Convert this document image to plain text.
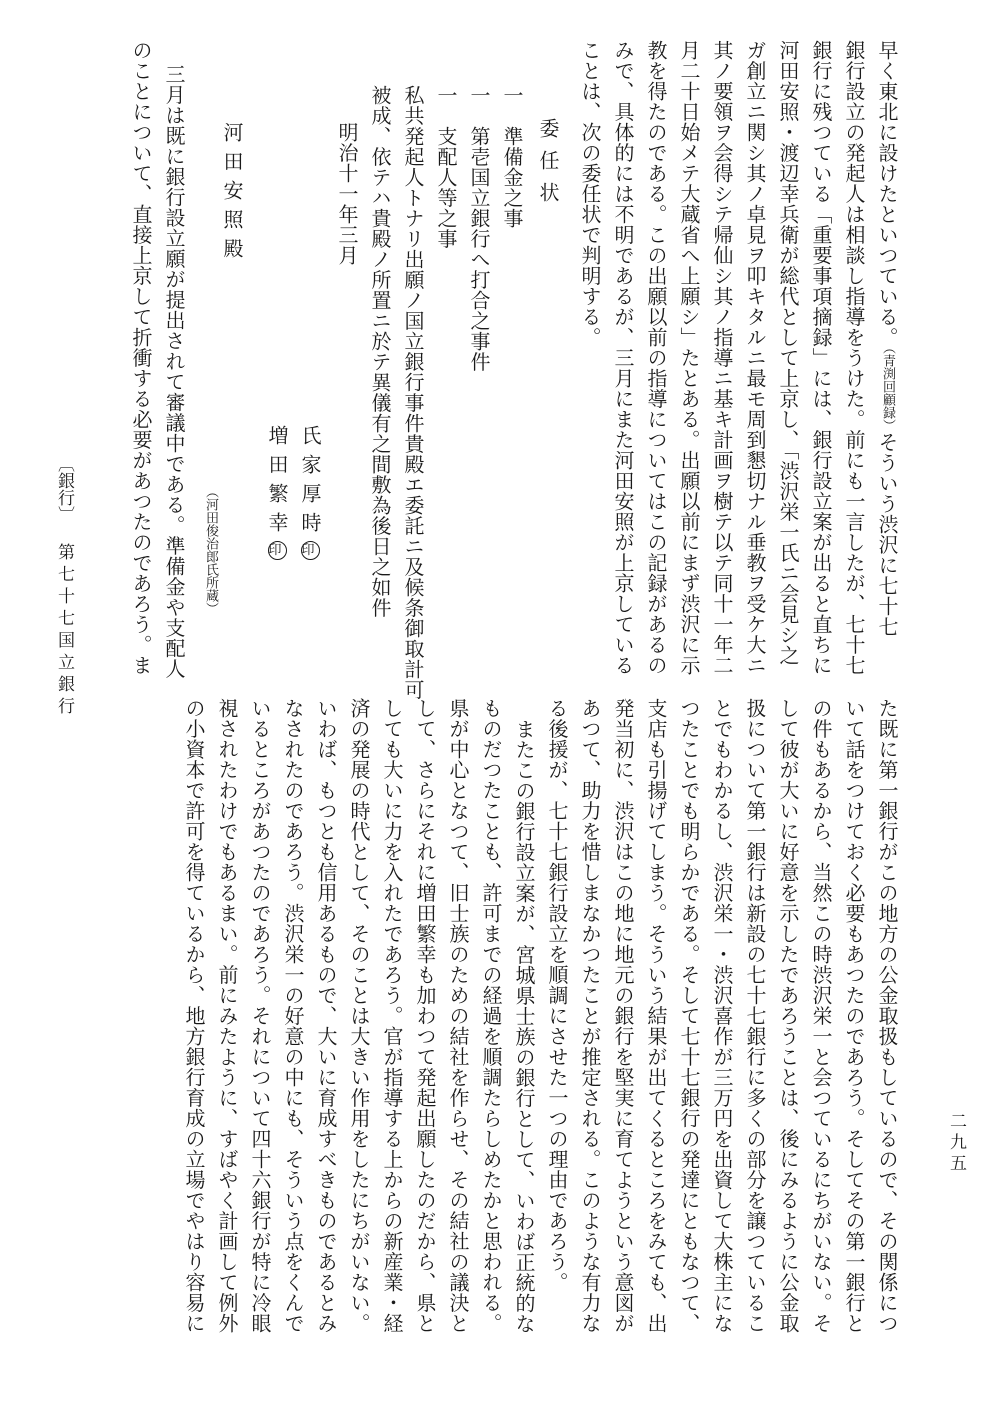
早く東北に設けたといつている。（青渕回顧録）そういう渋沢に七十七
銀行設立の発起人は相談し指導をうけた。前にも一言したが、七十七
銀行に残つている「重要事項摘録」には、銀行設立案が出ると直ちに
河田安照・渡辺幸兵衛が総代として上京し、「渋沢栄一氏ニ会見シ之
ガ創立ニ関シ其ノ卓見ヲ叩キタルニ最モ周到懇切ナル垂教ヲ受ケ大ニ
其ノ要領ヲ会得シテ帰仙シ其ノ指導ニ基キ計画ヲ樹テ以テ同十一年二
月二十日始メテ大蔵省へ上願シ」たとある。出願以前にまず渋沢に示
教を得たのである。この出願以前の指導についてはこの記録があるの
みで、具体的には不明であるが、三月にまた河田安照が上京している
ことは、次の委任状で判明する。
委任状
一　準備金之事
一　第壱国立銀行へ打合之事件
一　支配人等之事
私共発起人トナリ出願ノ国立銀行事件貴殿エ委託ニ及候条御取計可
被成、依テハ貴殿ノ所置ニ於テ異儀有之間敷為後日之如件
明治十一年三月
氏家厚時印
増田繁幸印
（河田俊治郎氏所蔵）
河田安照殿
三月は既に銀行設立願が提出されて審議中である。準備金や支配人
のことについて、直接上京して折衝する必要があつたのであろう。ま
た既に第一銀行がこの地方の公金取扱もしているので、その関係につ
いて話をつけておく必要もあつたのであろう。そしてその第一銀行と
の件もあるから、当然この時渋沢栄一と会つているにちがいない。そ
して彼が大いに好意を示したであろうことは、後にみるように公金取
扱について第一銀行は新設の七十七銀行に多くの部分を譲つているこ
とでもわかるし、渋沢栄一・渋沢喜作が三万円を出資して大株主にな
つたことでも明らかである。そして七十七銀行の発達にともなつて、
支店も引揚げてしまう。そういう結果が出てくるところをみても、出
発当初に、渋沢はこの地に地元の銀行を堅実に育てようという意図が
あつて、助力を惜しまなかつたことが推定される。このような有力な
る後援が、七十七銀行設立を順調にさせた一つの理由であろう。
またこの銀行設立案が、宮城県士族の銀行として、いわば正統的な
ものだつたことも、許可までの経過を順調たらしめたかと思われる。
県が中心となつて、旧士族のための結社を作らせ、その結社の議決と
して、さらにそれに増田繁幸も加わつて発起出願したのだから、県と
しても大いに力を入れたであろう。官が指導する上からの新産業・経
済の発展の時代として、そのことは大きい作用をしたにちがいない。
いわば、もつとも信用あるもので、大いに育成すべきものであるとみ
なされたのであろう。渋沢栄一の好意の中にも、そういう点をくんで
いるところがあつたのであろう。それについて四十六銀行が特に冷眼
視されたわけでもあるまい。前にみたように、すばやく計画して例外
の小資本で許可を得ているから、地方銀行育成の立場でやはり容易に
〔銀行〕
第七十七国立銀行
二九五
